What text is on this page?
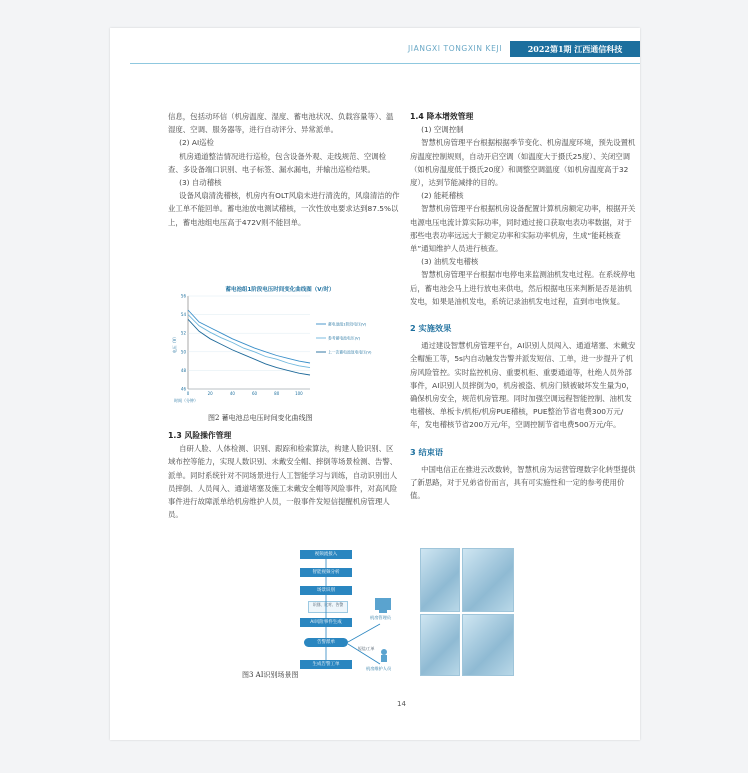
JIANGXI TONGXIN KEJI	2022第1期 江西通信科技

信息，包括动环信（机房温度、湿度、蓄电池状况、负载容量等）、温湿度、空调、服务器等，进行自动评分、异常派单。

(2) AI巡检

机房通道整洁情况进行巡检，包含设备外观、走线规范、空调检查、多设备端口识别、电子标签、漏水漏电，并输出巡检结果。

(3) 自动稽核

设备风扇清洗稽核，机房内有OLT风扇未进行清洗的，风扇清洁的作业工单不能回单。蓄电池放电测试稽核，一次性放电要求达到87.5%以上，蓄电池组电压高于472V则不能回单。

蓄电池组1阶段电压时间变化曲线图（V/时）
46
48
50
52
54
56
0	20	40	60	80	100
蓄电池组1阶段电压(V)
参考蓄电池电压(V)
上一次蓄电池放电电压(V)
时间（分钟）
电压（V）
图2 蓄电池总电压时间变化曲线图

1.3 风险操作管理

自研人脸、人体检测、识别、跟踪和检索算法，构建人脸识别、区域布控等能力，实现人数识别、未戴安全帽、摔倒等场景检测、告警、派单。同时系统针对不同场景进行人工智能学习与训练，自动识别出人员摔倒、人员闯入、通道堵塞及施工未戴安全帽等风险事件，对高风险事件进行故障派单给机房维护人员，一般事件发短信提醒机房管理人员。

视频流接入
智能视频分析
场景识别
识别、比对、告警
AI风险事件生成
告警派单
生成告警工单
机房管理员
机房维护人员
短信/工单
图3 AI识别场景图

1.4 降本增效管理

(1) 空调控制

智慧机房管理平台根据根据季节变化、机房温度环境，预先设置机房温度控制规则，自动开启空调（如温度大于摄氏25度）、关闭空调（如机房温度低于摄氏20度）和调整空调温度（如机房温度高于32度），达到节能减排的目的。

(2) 能耗稽核

智慧机房管理平台根据机房设备配置计算机房额定功率，根据开关电源电压电流计算实际功率，同时通过接口获取电表功率数据，对于那些电表功率远远大于额定功率和实际功率机房，生成“能耗核查单”通知维护人员进行核查。

(3) 油机发电稽核

智慧机房管理平台根据市电停电来监测油机发电过程。在系统停电后，蓄电池会马上进行放电来供电，然后根据电压来判断是否是油机发电，如果是油机发电，系统记录油机发电过程，直到市电恢复。

2 实施效果

通过建设智慧机房管理平台，AI识别人员闯入、通道堵塞、未戴安全帽施工等，5s内自动触发告警并派发短信、工单，进一步提升了机房风险管控。实时监控机房、重要机柜、重要通道等，杜绝人员外部事件，AI识别人员摔倒为0，机房被盗、机房门锁被破坏发生量为0，确保机房安全，规范机房管理。同时加强空调远程智能控制、油机发电稽核、单板卡/机柜/机房PUE稽核，PUE整治节省电费300万元/年，发电稽核节省200万元/年，空调控制节省电费500万元/年。

3 结束语

中国电信正在推进云改数转，智慧机房为运营管理数字化转型提供了新思路，对于兄弟省份而言，具有可实施性和一定的参考使用价值。

14
